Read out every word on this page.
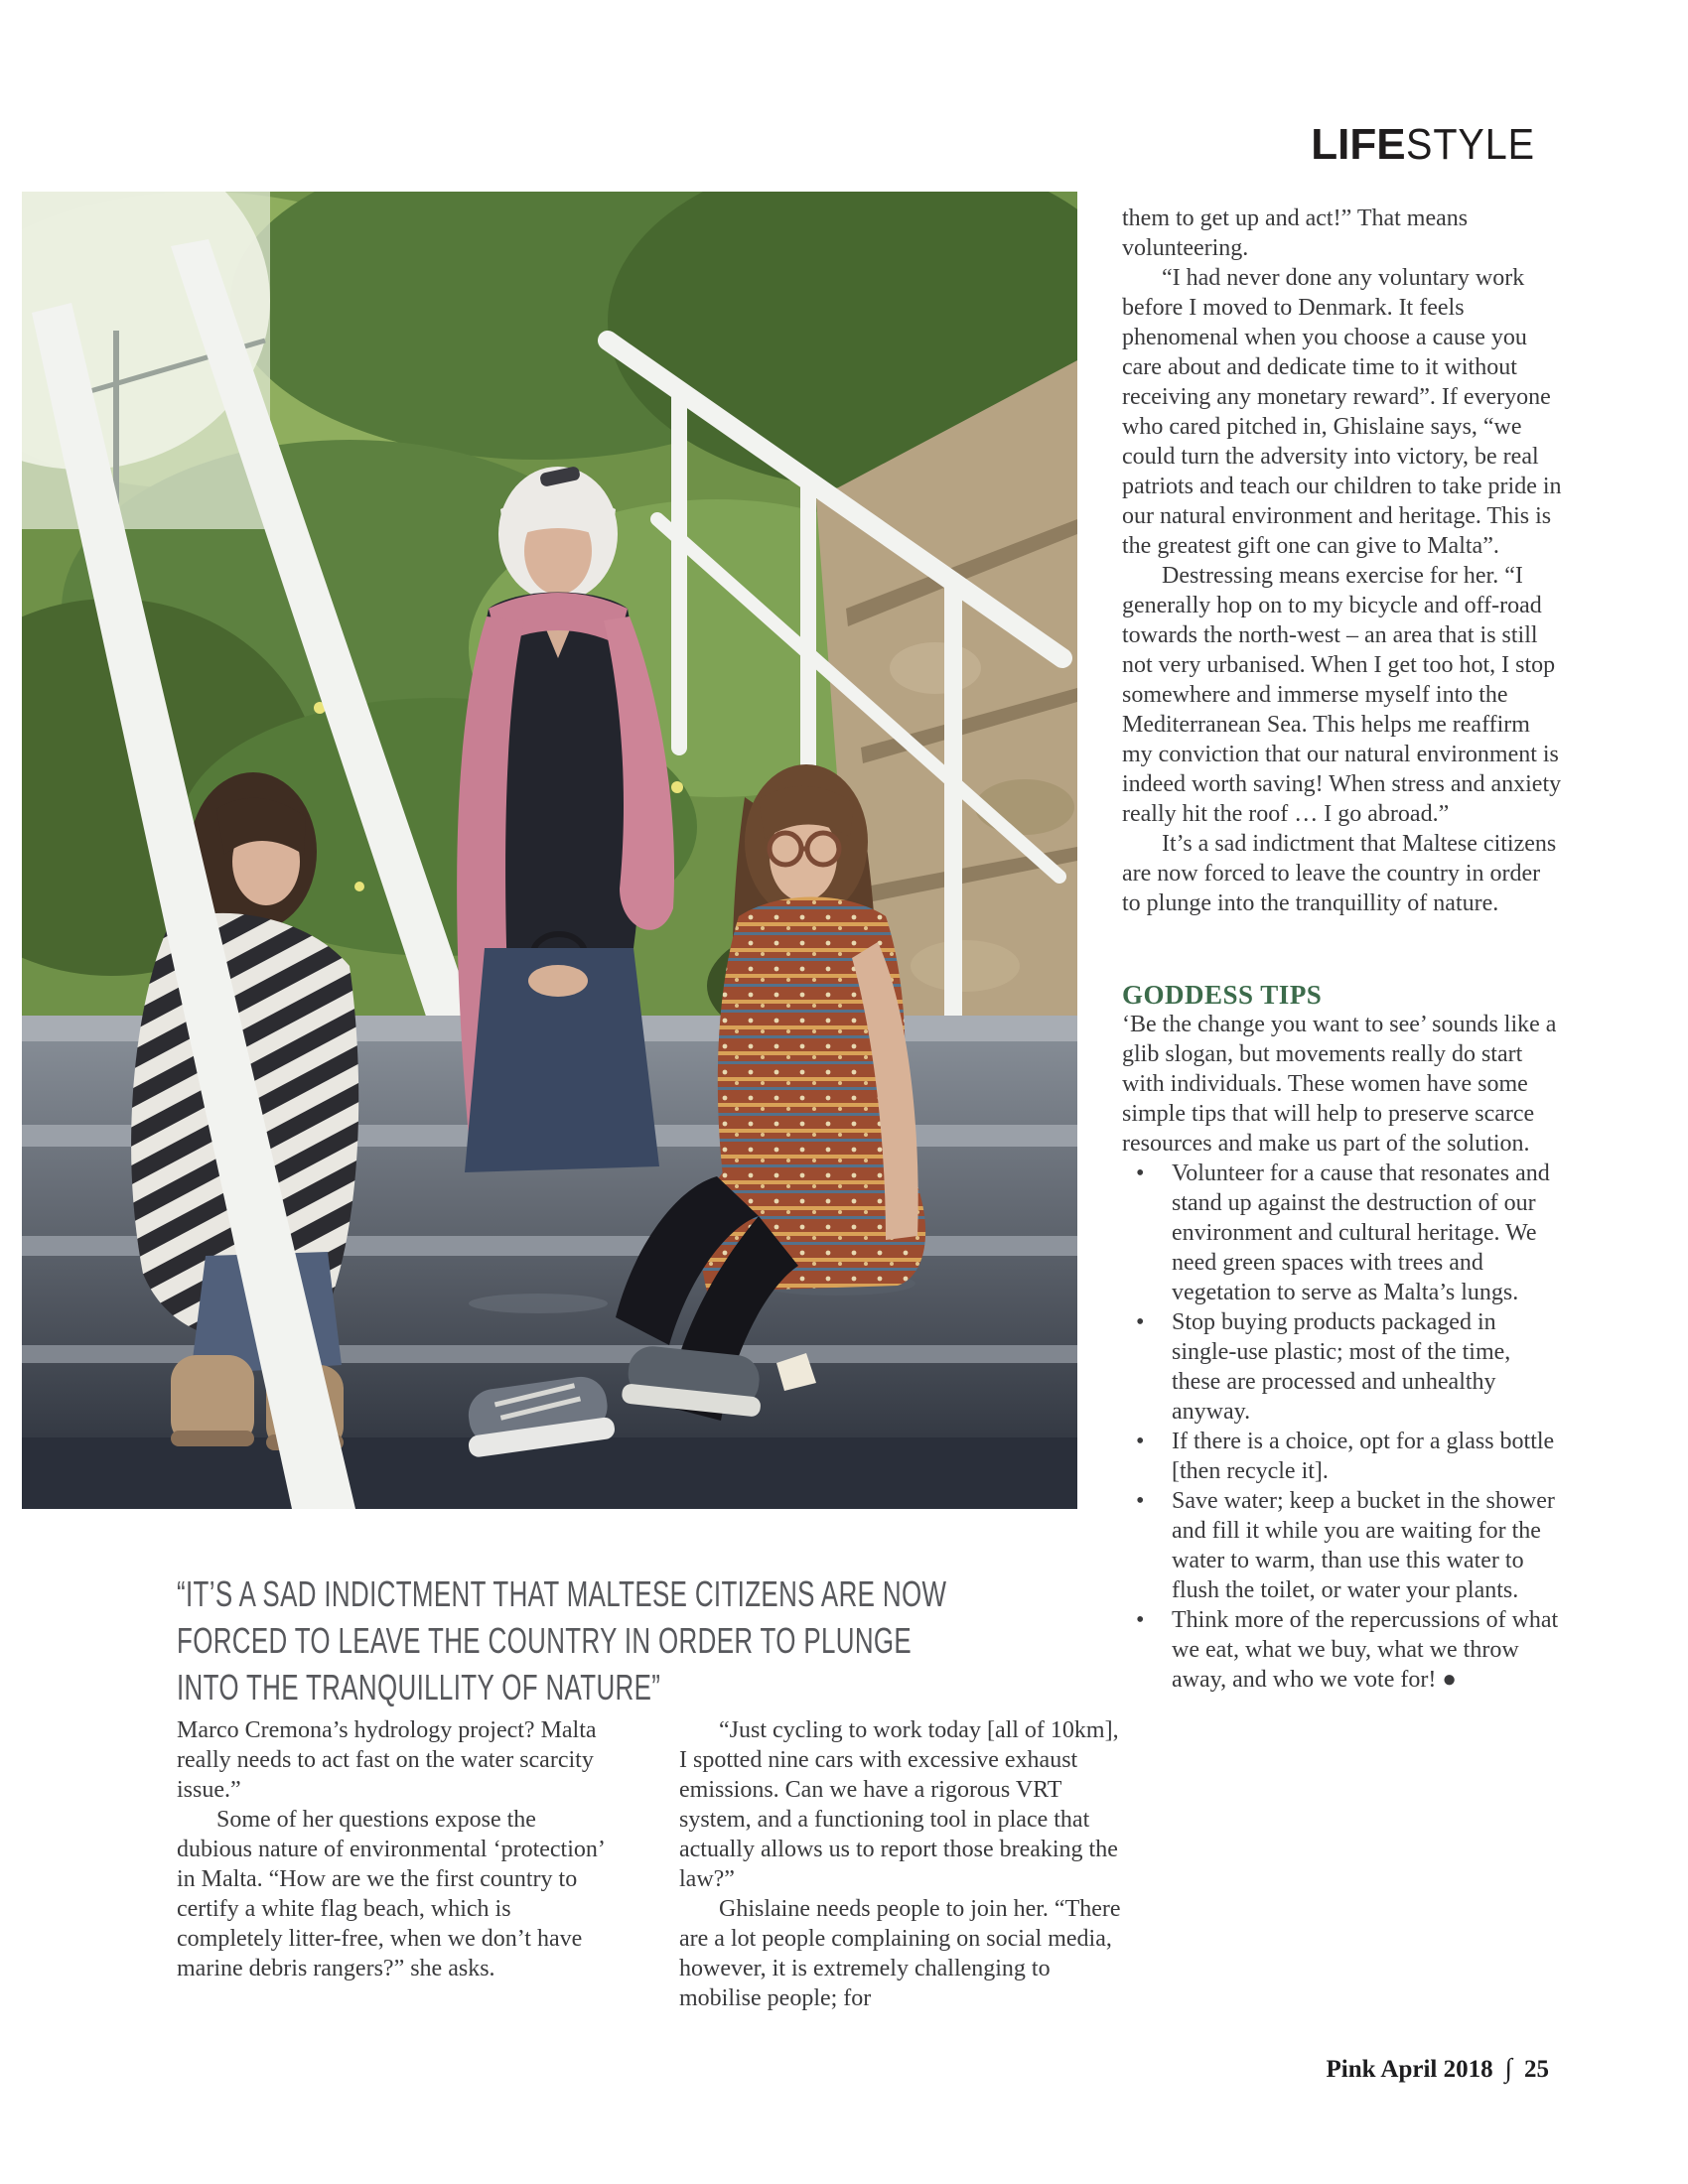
LIFESTYLE

them to get up and act!” That means volunteering.

“I had never done any voluntary work before I moved to Denmark. It feels phenomenal when you choose a cause you care about and dedicate time to it without receiving any monetary reward”. If everyone who cared pitched in, Ghislaine says, “we could turn the adversity into victory, be real patriots and teach our children to take pride in our natural environment and heritage. This is the greatest gift one can give to Malta”.

Destressing means exercise for her. “I generally hop on to my bicycle and off-road towards the north-west – an area that is still not very urbanised. When I get too hot, I stop somewhere and immerse myself into the Mediterranean Sea. This helps me reaffirm my conviction that our natural environment is indeed worth saving! When stress and anxiety really hit the roof … I go abroad.”

It’s a sad indictment that Maltese citizens are now forced to leave the country in order to plunge into the tranquillity of nature.

GODDESS TIPS

‘Be the change you want to see’ sounds like a glib slogan, but movements really do start with individuals. These women have some simple tips that will help to preserve scarce resources and make us part of the solution.

• Volunteer for a cause that resonates and stand up against the destruction of our environment and cultural heritage. We need green spaces with trees and vegetation to serve as Malta’s lungs.
• Stop buying products packaged in single-use plastic; most of the time, these are processed and unhealthy anyway.
• If there is a choice, opt for a glass bottle [then recycle it].
• Save water; keep a bucket in the shower and fill it while you are waiting for the water to warm, than use this water to flush the toilet, or water your plants.
• Think more of the repercussions of what we eat, what we buy, what we throw away, and who we vote for! ●
“IT’S A SAD INDICTMENT THAT MALTESE CITIZENS ARE NOW
FORCED TO LEAVE THE COUNTRY IN ORDER TO PLUNGE
INTO THE TRANQUILLITY OF NATURE”

Marco Cremona’s hydrology project? Malta really needs to act fast on the water scarcity issue.”

Some of her questions expose the dubious nature of environmental ‘protection’ in Malta. “How are we the first country to certify a white flag beach, which is completely litter-free, when we don’t have marine debris rangers?” she asks.

“Just cycling to work today [all of 10km], I spotted nine cars with excessive exhaust emissions. Can we have a rigorous VRT system, and a functioning tool in place that actually allows us to report those breaking the law?”

Ghislaine needs people to join her. “There are a lot people complaining on social media, however, it is extremely challenging to mobilise people; for

Pink April 2018 ∫ 25
